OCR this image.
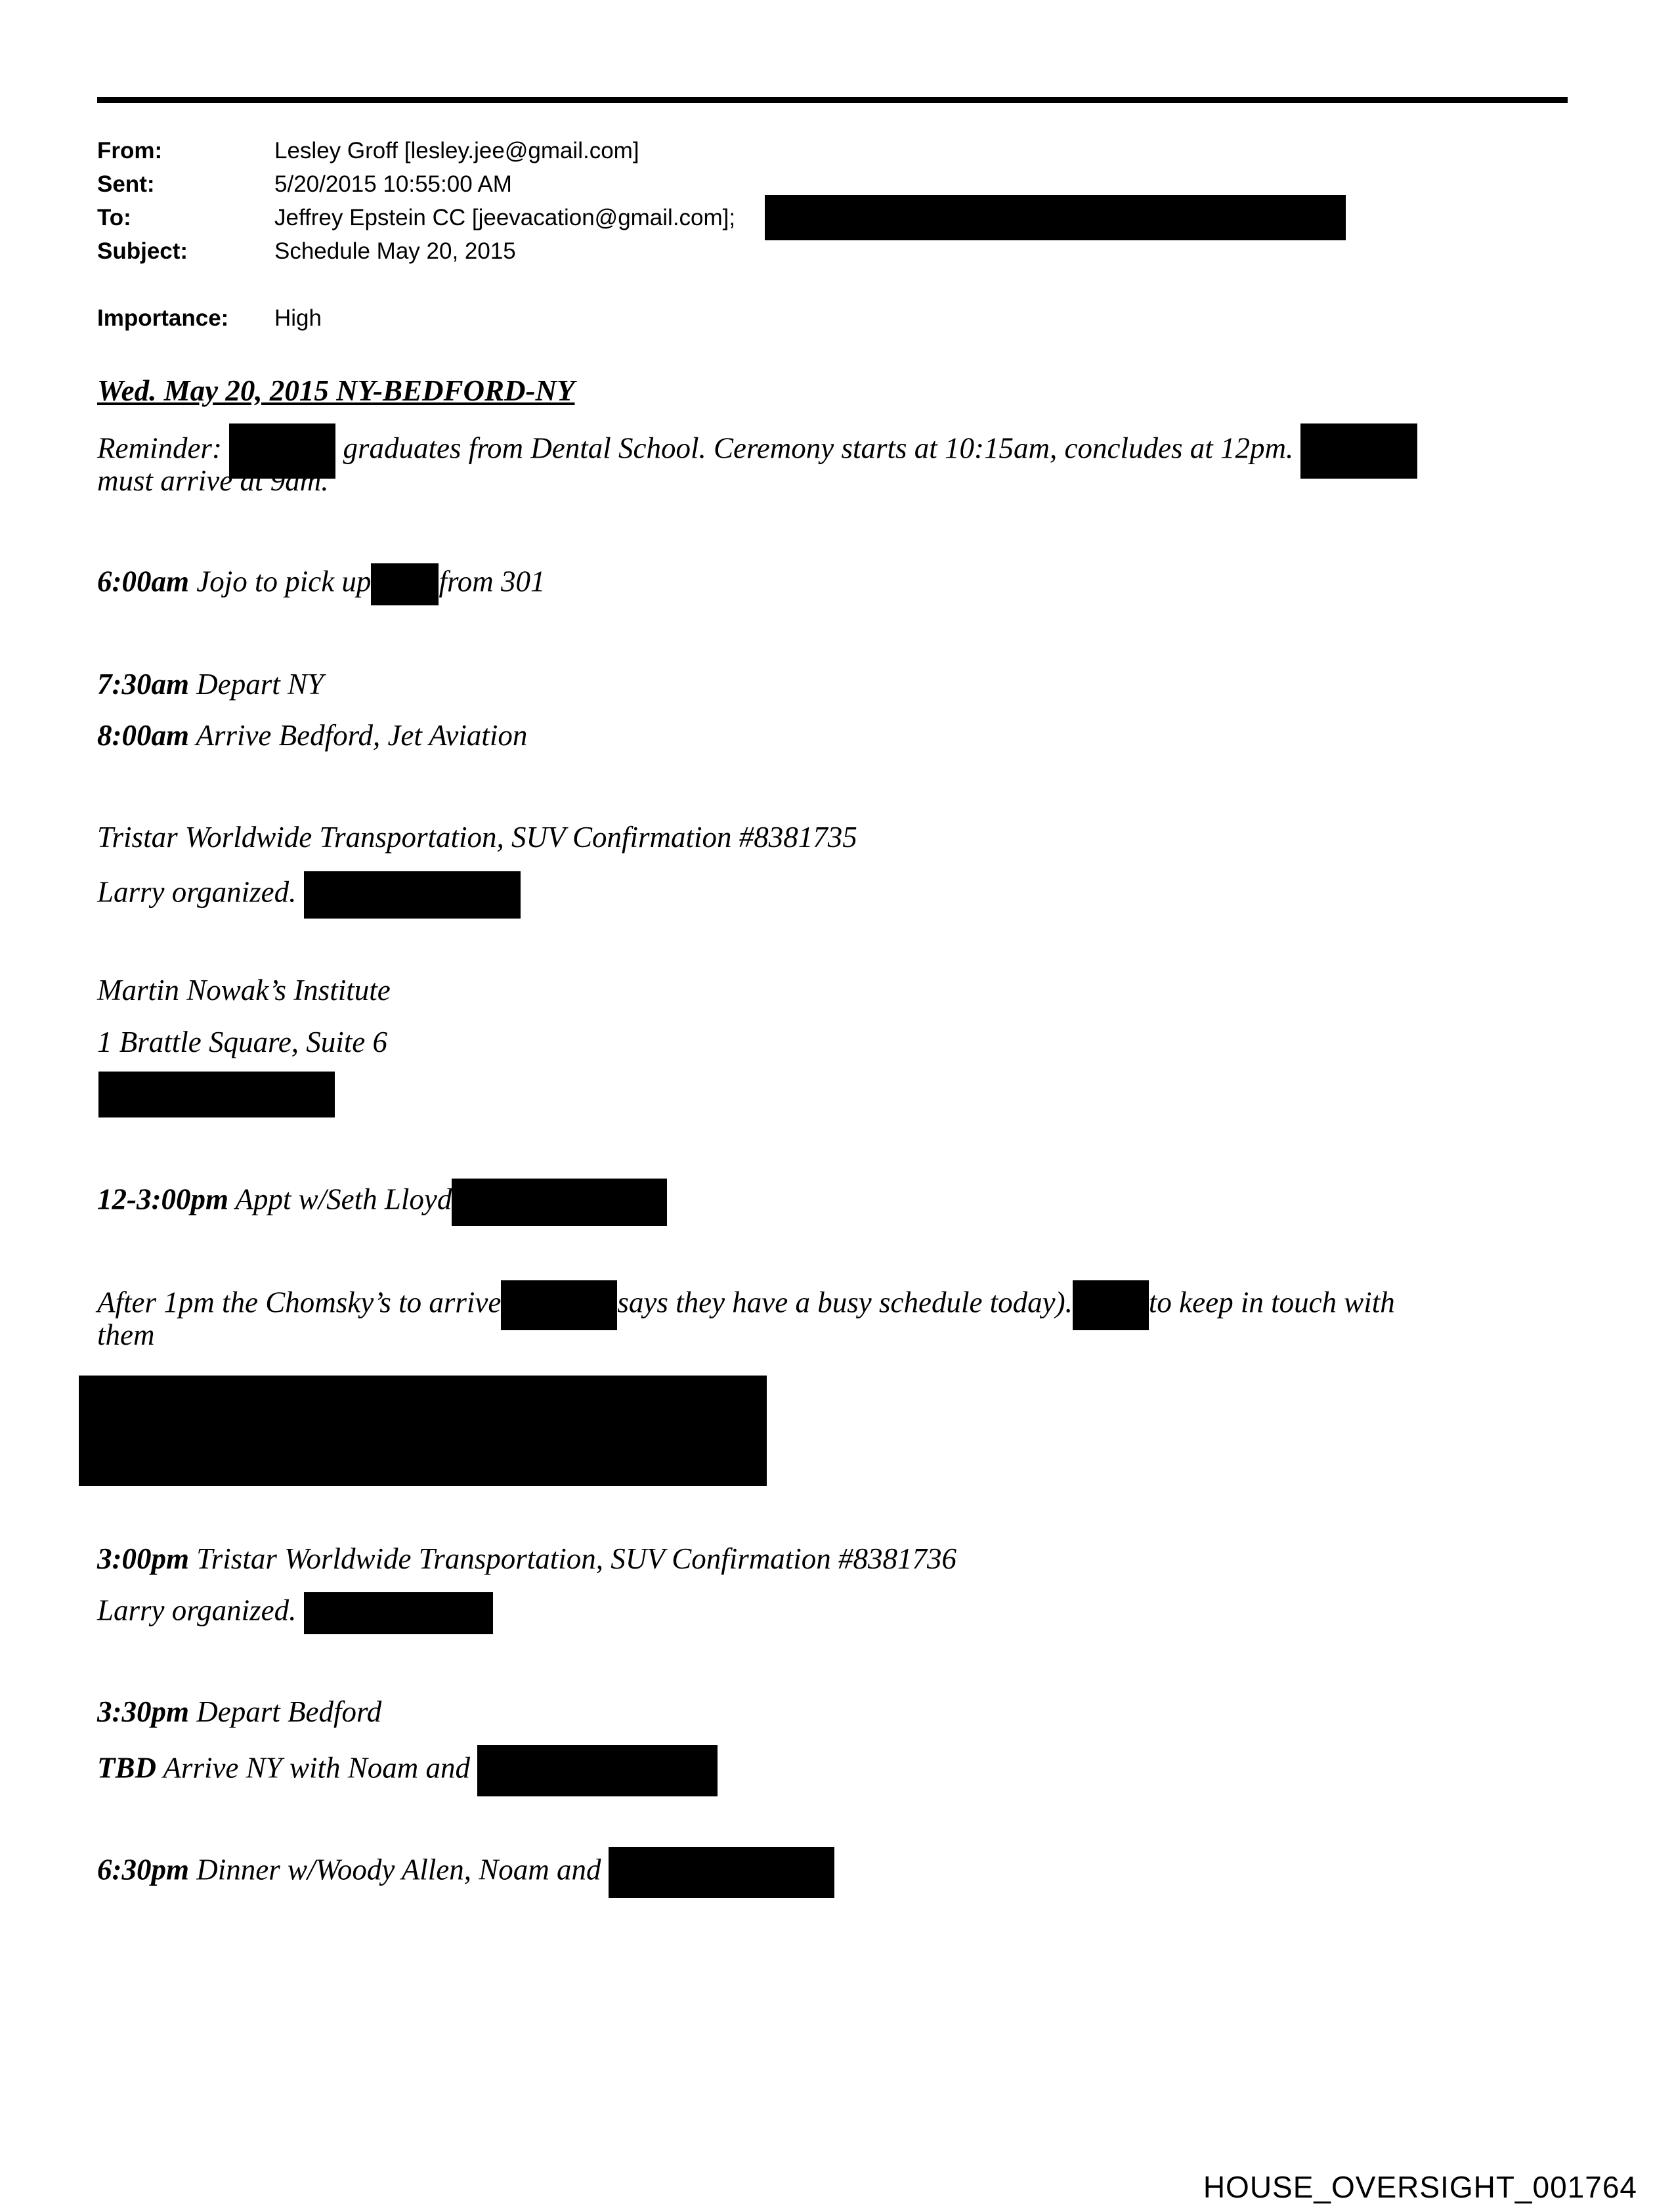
From:	Lesley Groff [lesley.jee@gmail.com]
Sent:	5/20/2015 10:55:00 AM
To:	Jeffrey Epstein CC [jeevacation@gmail.com];
Subject:	Schedule May 20, 2015
Importance: High
Wed. May 20, 2015 NY-BEDFORD-NY
Reminder:	graduates from Dental School. Ceremony starts at 10:15am, concludes at 12pm.
must arrive at 9am.
6:00am Jojo to pick up from 301
7:30am Depart NY
8:00am Arrive Bedford, Jet Aviation
Tristar Worldwide Transportation, SUV Confirmation #8381735
Larry organized.
Martin Nowak’s Institute
1 Brattle Square, Suite 6
12-3:00pm Appt w/Seth Lloyd
After 1pm the Chomsky’s to arrive	says they have a busy schedule today).	to keep in touch with
them
3:00pm Tristar Worldwide Transportation, SUV Confirmation #8381736
Larry organized.
3:30pm Depart Bedford
TBD Arrive NY with Noam and
6:30pm Dinner w/Woody Allen, Noam and
HOUSE_OVERSIGHT_001764
